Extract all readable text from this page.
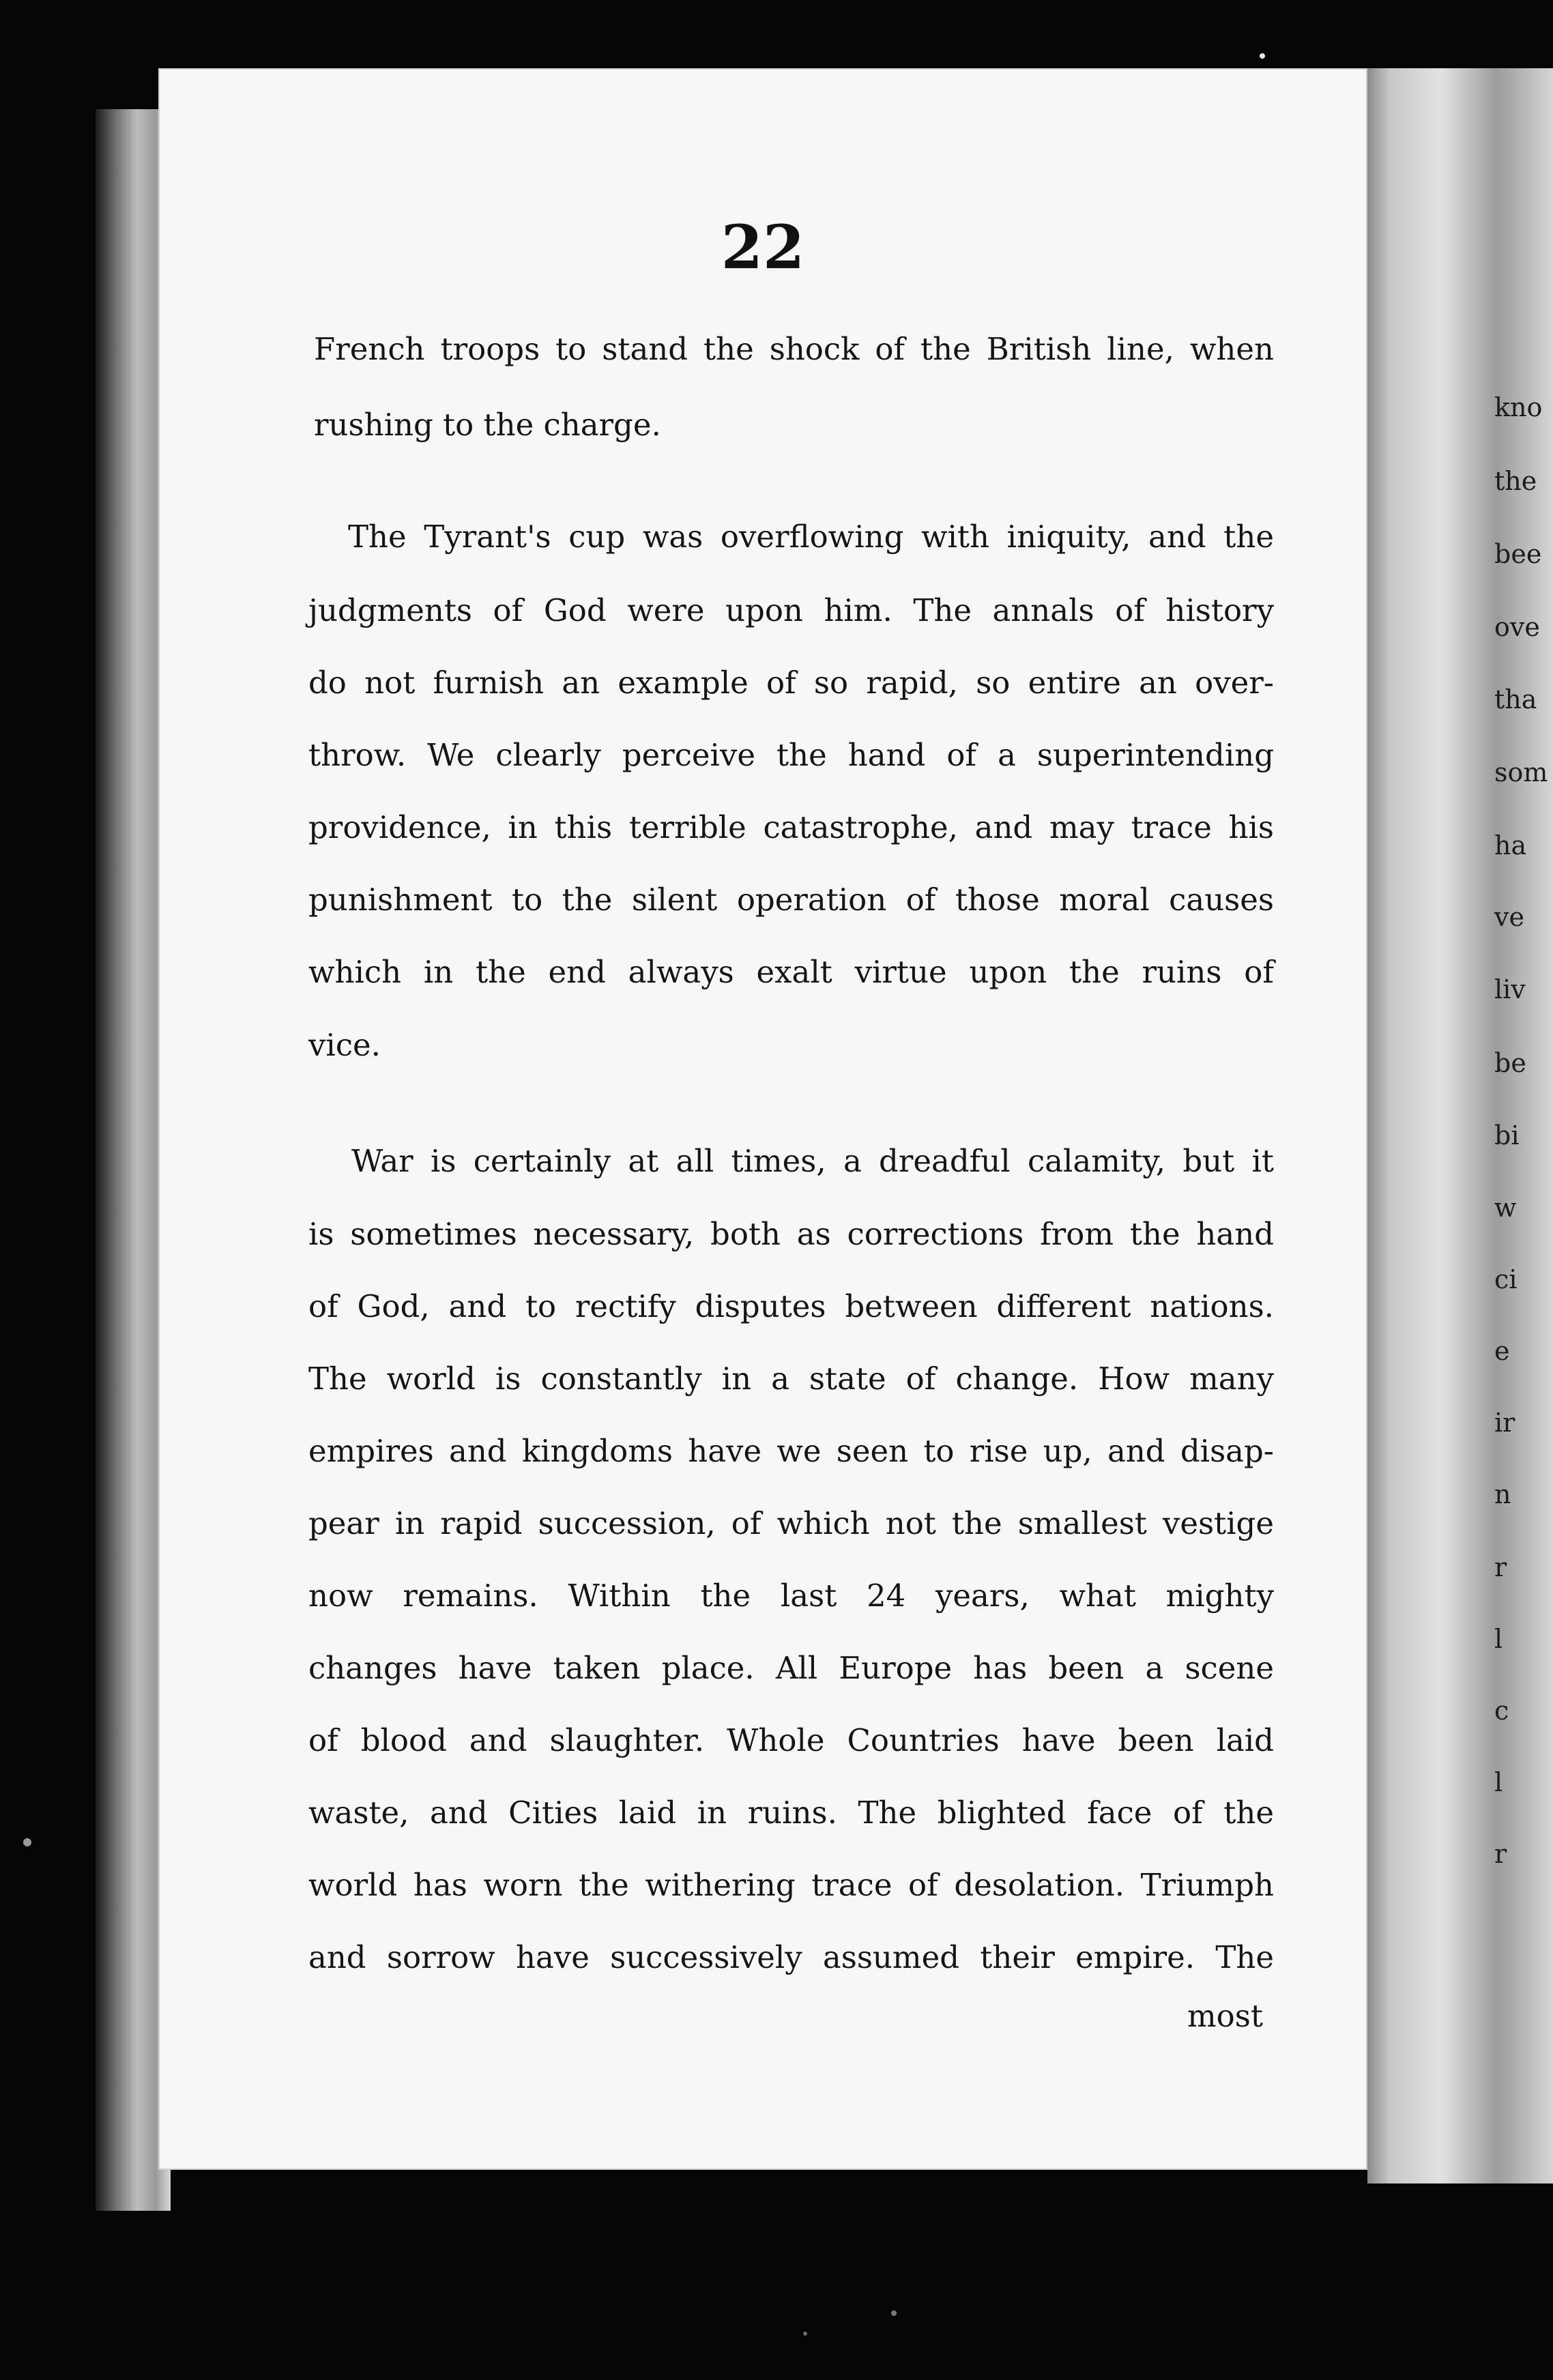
kno

the

bee

ove

tha

som

ha

ve

liv

be

bi

w

ci

e

ir

n

r

l

c

l

r

22

French troops to stand the shock of the British line, when

rushing to the charge.

The Tyrant's cup was overflowing with iniquity, and the

judgments of God were upon him. The annals of history

do not furnish an example of so rapid, so entire an over-

throw. We clearly perceive the hand of a superintending

providence, in this terrible catastrophe, and may trace his

punishment to the silent operation of those moral causes

which in the end always exalt virtue upon the ruins of

vice.

War is certainly at all times, a dreadful calamity, but it

is sometimes necessary, both as corrections from the hand

of God, and to rectify disputes between different nations.

The world is constantly in a state of change. How many

empires and kingdoms have we seen to rise up, and disap-

pear in rapid succession, of which not the smallest vestige

now remains. Within the last 24 years, what mighty

changes have taken place. All Europe has been a scene

of blood and slaughter. Whole Countries have been laid

waste, and Cities laid in ruins. The blighted face of the

world has worn the withering trace of desolation. Triumph

and sorrow have successively assumed their empire. The

most
